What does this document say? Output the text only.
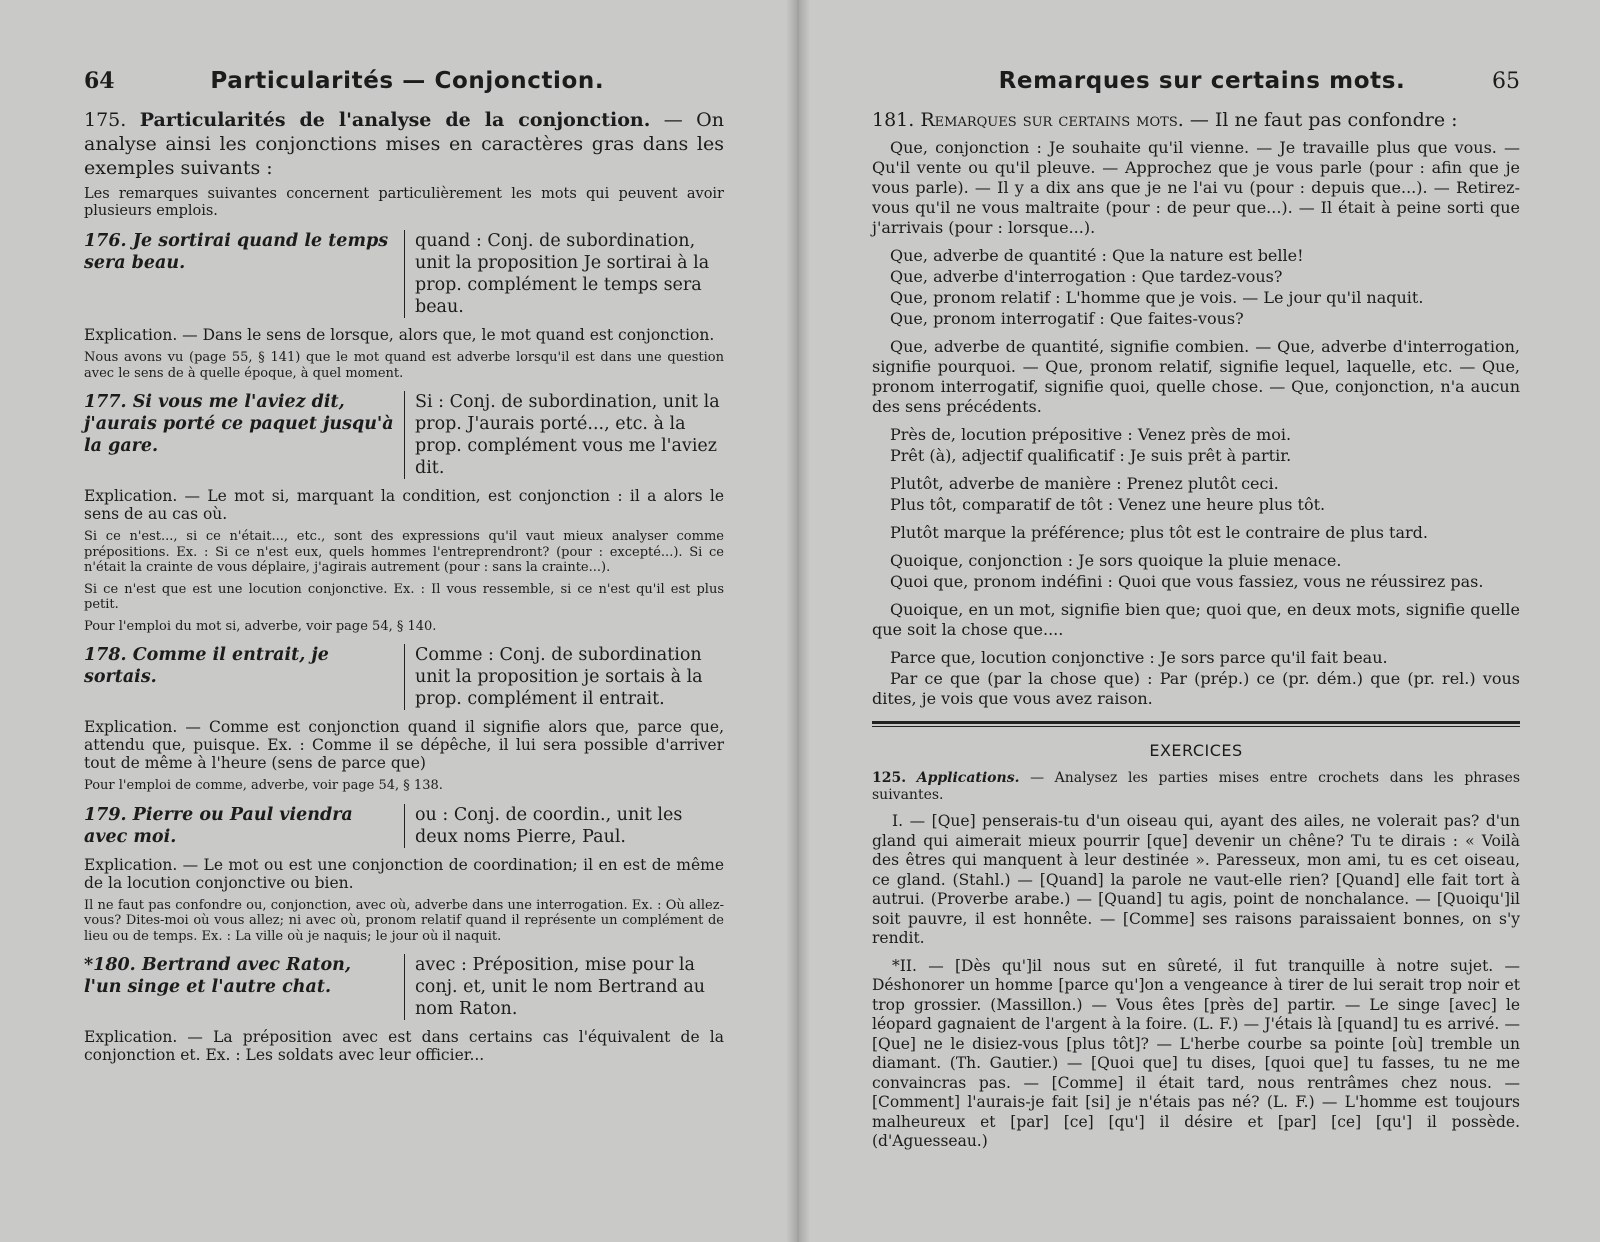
64	Particularités — Conjonction.
175. Particularités de l'analyse de la conjonction. — On analyse ainsi les conjonctions mises en caractères gras dans les exemples suivants :

Les remarques suivantes concernent particulièrement les mots qui peuvent avoir plusieurs emplois.

176. Je sortirai quand le temps sera beau.
quand : Conj. de subordination, unit la proposition Je sortirai à la prop. complément le temps sera beau.

Explication. — Dans le sens de lorsque, alors que, le mot quand est conjonction.

Nous avons vu (page 55, § 141) que le mot quand est adverbe lorsqu'il est dans une question avec le sens de à quelle époque, à quel moment.

177. Si vous me l'aviez dit, j'aurais porté ce paquet jusqu'à la gare.
Si : Conj. de subordination, unit la prop. J'aurais porté..., etc. à la prop. complément vous me l'aviez dit.

Explication. — Le mot si, marquant la condition, est conjonction : il a alors le sens de au cas où.

Si ce n'est..., si ce n'était..., etc., sont des expressions qu'il vaut mieux analyser comme prépositions. Ex. : Si ce n'est eux, quels hommes l'entreprendront? (pour : excepté...). Si ce n'était la crainte de vous déplaire, j'agirais autrement (pour : sans la crainte...).

Si ce n'est que est une locution conjonctive. Ex. : Il vous ressemble, si ce n'est qu'il est plus petit.

Pour l'emploi du mot si, adverbe, voir page 54, § 140.

178. Comme il entrait, je sortais.
Comme : Conj. de subordination unit la proposition je sortais à la prop. complément il entrait.

Explication. — Comme est conjonction quand il signifie alors que, parce que, attendu que, puisque. Ex. : Comme il se dépêche, il lui sera possible d'arriver tout de même à l'heure (sens de parce que)

Pour l'emploi de comme, adverbe, voir page 54, § 138.

179. Pierre ou Paul viendra avec moi.
ou : Conj. de coordin., unit les deux noms Pierre, Paul.

Explication. — Le mot ou est une conjonction de coordination; il en est de même de la locution conjonctive ou bien.

Il ne faut pas confondre ou, conjonction, avec où, adverbe dans une interrogation. Ex. : Où allez-vous? Dites-moi où vous allez; ni avec où, pronom relatif quand il représente un complément de lieu ou de temps. Ex. : La ville où je naquis; le jour où il naquit.

*180. Bertrand avec Raton, l'un singe et l'autre chat.
avec : Préposition, mise pour la conj. et, unit le nom Bertrand au nom Raton.

Explication. — La préposition avec est dans certains cas l'équivalent de la conjonction et. Ex. : Les soldats avec leur officier...

Remarques sur certains mots.	65
181. Remarques sur certains mots. — Il ne faut pas confondre :

Que, conjonction : Je souhaite qu'il vienne. — Je travaille plus que vous. — Qu'il vente ou qu'il pleuve. — Approchez que je vous parle (pour : afin que je vous parle). — Il y a dix ans que je ne l'ai vu (pour : depuis que...). — Retirez-vous qu'il ne vous maltraite (pour : de peur que...). — Il était à peine sorti que j'arrivais (pour : lorsque...).

Que, adverbe de quantité : Que la nature est belle!

Que, adverbe d'interrogation : Que tardez-vous?

Que, pronom relatif : L'homme que je vois. — Le jour qu'il naquit.

Que, pronom interrogatif : Que faites-vous?

Que, adverbe de quantité, signifie combien. — Que, adverbe d'interrogation, signifie pourquoi. — Que, pronom relatif, signifie lequel, laquelle, etc. — Que, pronom interrogatif, signifie quoi, quelle chose. — Que, conjonction, n'a aucun des sens précédents.

Près de, locution prépositive : Venez près de moi.

Prêt (à), adjectif qualificatif : Je suis prêt à partir.

Plutôt, adverbe de manière : Prenez plutôt ceci.

Plus tôt, comparatif de tôt : Venez une heure plus tôt.

Plutôt marque la préférence; plus tôt est le contraire de plus tard.

Quoique, conjonction : Je sors quoique la pluie menace.

Quoi que, pronom indéfini : Quoi que vous fassiez, vous ne réussirez pas.

Quoique, en un mot, signifie bien que; quoi que, en deux mots, signifie quelle que soit la chose que....

Parce que, locution conjonctive : Je sors parce qu'il fait beau.

Par ce que (par la chose que) : Par (prép.) ce (pr. dém.) que (pr. rel.) vous dites, je vois que vous avez raison.

EXERCICES

125. Applications. — Analysez les parties mises entre crochets dans les phrases suivantes.

I. — [Que] penserais-tu d'un oiseau qui, ayant des ailes, ne volerait pas? d'un gland qui aimerait mieux pourrir [que] devenir un chêne? Tu te dirais : « Voilà des êtres qui manquent à leur destinée ». Paresseux, mon ami, tu es cet oiseau, ce gland. (Stahl.) — [Quand] la parole ne vaut-elle rien? [Quand] elle fait tort à autrui. (Proverbe arabe.) — [Quand] tu agis, point de nonchalance. — [Quoiqu']il soit pauvre, il est honnête. — [Comme] ses raisons paraissaient bonnes, on s'y rendit.

*II. — [Dès qu']il nous sut en sûreté, il fut tranquille à notre sujet. — Déshonorer un homme [parce qu']on a vengeance à tirer de lui serait trop noir et trop grossier. (Massillon.) — Vous êtes [près de] partir. — Le singe [avec] le léopard gagnaient de l'argent à la foire. (L. F.) — J'étais là [quand] tu es arrivé. — [Que] ne le disiez-vous [plus tôt]? — L'herbe courbe sa pointe [où] tremble un diamant. (Th. Gautier.) — [Quoi que] tu dises, [quoi que] tu fasses, tu ne me convaincras pas. — [Comme] il était tard, nous rentrâmes chez nous. — [Comment] l'aurais-je fait [si] je n'étais pas né? (L. F.) — L'homme est toujours malheureux et [par] [ce] [qu'] il désire et [par] [ce] [qu'] il possède. (d'Aguesseau.)
